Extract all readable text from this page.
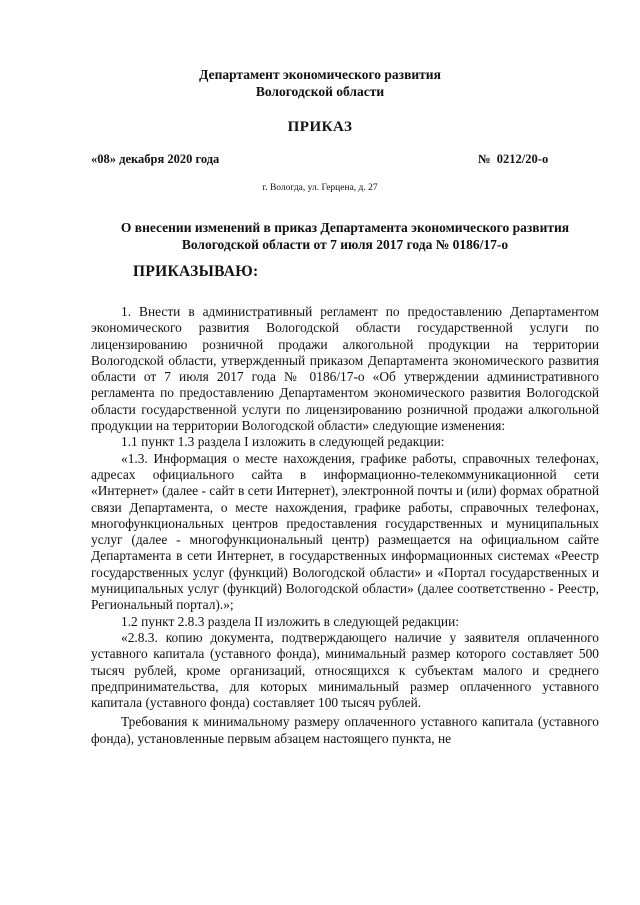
Департамент экономического развития
Вологодской области
ПРИКАЗ
«08» декабря 2020 года	№  0212/20-о
г. Вологда, ул. Герцена, д. 27
О внесении изменений в приказ Департамента экономического развития
Вологодской области от 7 июля 2017 года № 0186/17-о
ПРИКАЗЫВАЮ:

1. Внести в административный регламент по предоставлению Департаментом экономического развития Вологодской области государственной услуги по лицензированию розничной продажи алкогольной продукции на территории Вологодской области, утвержденный приказом Департамента экономического развития области от 7 июля 2017 года № 0186/17-о «Об утверждении административного регламента по предоставлению Департаментом экономического развития Вологодской области государственной услуги по лицензированию розничной продажи алкогольной продукции на территории Вологодской области» следующие изменения:

1.1 пункт 1.3 раздела I изложить в следующей редакции:

«1.3. Информация о месте нахождения, графике работы, справочных телефонах, адресах официального сайта в информационно-телекоммуникационной сети «Интернет» (далее - сайт в сети Интернет), электронной почты и (или) формах обратной связи Департамента, о месте нахождения, графике работы, справочных телефонах, многофункциональных центров предоставления государственных и муниципальных услуг (далее - многофункциональный центр) размещается на официальном сайте Департамента в сети Интернет, в государственных информационных системах «Реестр государственных услуг (функций) Вологодской области» и «Портал государственных и муниципальных услуг (функций) Вологодской области» (далее соответственно - Реестр, Региональный портал).»;

1.2 пункт 2.8.3 раздела II изложить в следующей редакции:

«2.8.3. копию документа, подтверждающего наличие у заявителя оплаченного уставного капитала (уставного фонда), минимальный размер которого составляет 500 тысяч рублей, кроме организаций, относящихся к субъектам малого и среднего предпринимательства, для которых минимальный размер оплаченного уставного капитала (уставного фонда) составляет 100 тысяч рублей.

Требования к минимальному размеру оплаченного уставного капитала (уставного фонда), установленные первым абзацем настоящего пункта, не
